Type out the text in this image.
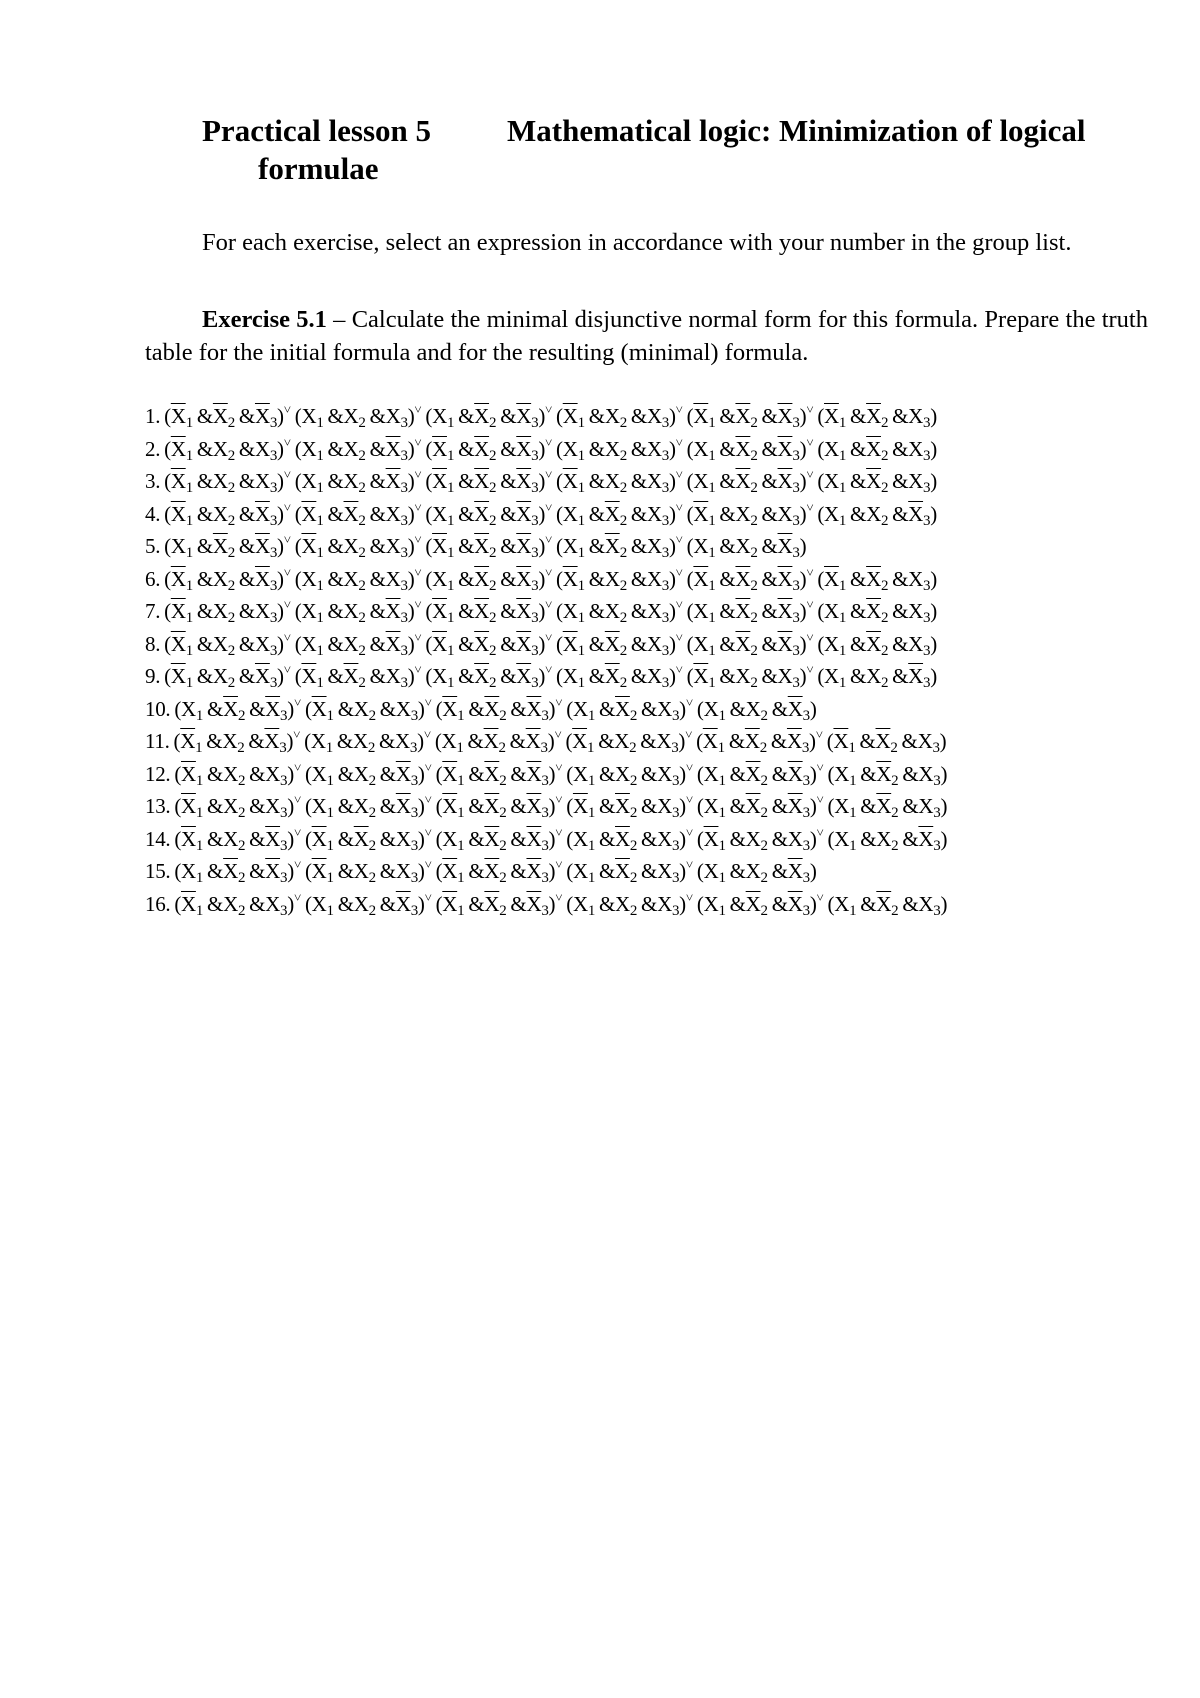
Practical lesson 5 Mathematical logic: Minimization of logical
formulae

For each exercise, select an expression in accordance with your number in the group list.

Exercise 5.1 – Calculate the minimal disjunctive normal form for this formula. Prepare the truth table for the initial formula and for the resulting (minimal) formula.

1. ($\overline{X}_1$ $\&\overline{X}_2$ $\&\overline{X}_3)^˅$ ($X_1$ $\&X_2$ $\&X_3)^˅$ ($X_1$ $\&\overline{X}_2$ $\&\overline{X}_3)^˅$ ($\overline{X}_1$ $\&X_2$ $\&X_3)^˅$ ($\overline{X}_1$ $\&\overline{X}_2$ $\&\overline{X}_3)^˅$ ($\overline{X}_1$ $\&\overline{X}_2$ $\&X_3$)
2. ($\overline{X}_1$ $\&X_2$ $\&X_3)^˅$ ($X_1$ $\&X_2$ $\&\overline{X}_3)^˅$ ($\overline{X}_1$ $\&\overline{X}_2$ $\&\overline{X}_3)^˅$ ($X_1$ $\&X_2$ $\&X_3)^˅$ ($X_1$ $\&\overline{X}_2$ $\&\overline{X}_3)^˅$ ($X_1$ $\&\overline{X}_2$ $\&X_3$)
3. ($\overline{X}_1$ $\&X_2$ $\&X_3)^˅$ ($X_1$ $\&X_2$ $\&\overline{X}_3)^˅$ ($\overline{X}_1$ $\&\overline{X}_2$ $\&\overline{X}_3)^˅$ ($\overline{X}_1$ $\&X_2$ $\&X_3)^˅$ ($X_1$ $\&\overline{X}_2$ $\&\overline{X}_3)^˅$ ($X_1$ $\&\overline{X}_2$ $\&X_3$)
4. ($\overline{X}_1$ $\&X_2$ $\&\overline{X}_3)^˅$ ($\overline{X}_1$ $\&\overline{X}_2$ $\&X_3)^˅$ ($X_1$ $\&\overline{X}_2$ $\&\overline{X}_3)^˅$ ($X_1$ $\&\overline{X}_2$ $\&X_3)^˅$ ($\overline{X}_1$ $\&X_2$ $\&X_3)^˅$ ($X_1$ $\&X_2$ $\&\overline{X}_3$)
5. ($X_1$ $\&\overline{X}_2$ $\&\overline{X}_3)^˅$ ($\overline{X}_1$ $\&X_2$ $\&X_3)^˅$ ($\overline{X}_1$ $\&\overline{X}_2$ $\&\overline{X}_3)^˅$ ($X_1$ $\&\overline{X}_2$ $\&X_3)^˅$ ($X_1$ $\&X_2$ $\&\overline{X}_3$)
6. ($\overline{X}_1$ $\&X_2$ $\&\overline{X}_3)^˅$ ($X_1$ $\&X_2$ $\&X_3)^˅$ ($X_1$ $\&\overline{X}_2$ $\&\overline{X}_3)^˅$ ($\overline{X}_1$ $\&X_2$ $\&X_3)^˅$ ($\overline{X}_1$ $\&\overline{X}_2$ $\&\overline{X}_3)^˅$ ($\overline{X}_1$ $\&\overline{X}_2$ $\&X_3$)
7. ($\overline{X}_1$ $\&X_2$ $\&X_3)^˅$ ($X_1$ $\&X_2$ $\&\overline{X}_3)^˅$ ($\overline{X}_1$ $\&\overline{X}_2$ $\&\overline{X}_3)^˅$ ($X_1$ $\&X_2$ $\&X_3)^˅$ ($X_1$ $\&\overline{X}_2$ $\&\overline{X}_3)^˅$ ($X_1$ $\&\overline{X}_2$ $\&X_3$)
8. ($\overline{X}_1$ $\&X_2$ $\&X_3)^˅$ ($X_1$ $\&X_2$ $\&\overline{X}_3)^˅$ ($\overline{X}_1$ $\&\overline{X}_2$ $\&\overline{X}_3)^˅$ ($\overline{X}_1$ $\&\overline{X}_2$ $\&X_3)^˅$ ($X_1$ $\&\overline{X}_2$ $\&\overline{X}_3)^˅$ ($X_1$ $\&\overline{X}_2$ $\&X_3$)
9. ($\overline{X}_1$ $\&X_2$ $\&\overline{X}_3)^˅$ ($\overline{X}_1$ $\&\overline{X}_2$ $\&X_3)^˅$ ($X_1$ $\&\overline{X}_2$ $\&\overline{X}_3)^˅$ ($X_1$ $\&\overline{X}_2$ $\&X_3)^˅$ ($\overline{X}_1$ $\&X_2$ $\&X_3)^˅$ ($X_1$ $\&X_2$ $\&\overline{X}_3$)
10. ($X_1$ $\&\overline{X}_2$ $\&\overline{X}_3)^˅$ ($\overline{X}_1$ $\&X_2$ $\&X_3)^˅$ ($\overline{X}_1$ $\&\overline{X}_2$ $\&\overline{X}_3)^˅$ ($X_1$ $\&\overline{X}_2$ $\&X_3)^˅$ ($X_1$ $\&X_2$ $\&\overline{X}_3$)
11. ($\overline{X}_1$ $\&X_2$ $\&\overline{X}_3)^˅$ ($X_1$ $\&X_2$ $\&X_3)^˅$ ($X_1$ $\&\overline{X}_2$ $\&\overline{X}_3)^˅$ ($\overline{X}_1$ $\&X_2$ $\&X_3)^˅$ ($\overline{X}_1$ $\&\overline{X}_2$ $\&\overline{X}_3)^˅$ ($\overline{X}_1$ $\&\overline{X}_2$ $\&X_3$)
12. ($\overline{X}_1$ $\&X_2$ $\&X_3)^˅$ ($X_1$ $\&X_2$ $\&\overline{X}_3)^˅$ ($\overline{X}_1$ $\&\overline{X}_2$ $\&\overline{X}_3)^˅$ ($X_1$ $\&X_2$ $\&X_3)^˅$ ($X_1$ $\&\overline{X}_2$ $\&\overline{X}_3)^˅$ ($X_1$ $\&\overline{X}_2$ $\&X_3$)
13. ($\overline{X}_1$ $\&X_2$ $\&X_3)^˅$ ($X_1$ $\&X_2$ $\&\overline{X}_3)^˅$ ($\overline{X}_1$ $\&\overline{X}_2$ $\&\overline{X}_3)^˅$ ($\overline{X}_1$ $\&\overline{X}_2$ $\&X_3)^˅$ ($X_1$ $\&\overline{X}_2$ $\&\overline{X}_3)^˅$ ($X_1$ $\&\overline{X}_2$ $\&X_3$)
14. ($\overline{X}_1$ $\&X_2$ $\&\overline{X}_3)^˅$ ($\overline{X}_1$ $\&\overline{X}_2$ $\&X_3)^˅$ ($X_1$ $\&\overline{X}_2$ $\&\overline{X}_3)^˅$ ($X_1$ $\&\overline{X}_2$ $\&X_3)^˅$ ($\overline{X}_1$ $\&X_2$ $\&X_3)^˅$ ($X_1$ $\&X_2$ $\&\overline{X}_3$)
15. ($X_1$ $\&\overline{X}_2$ $\&\overline{X}_3)^˅$ ($\overline{X}_1$ $\&X_2$ $\&X_3)^˅$ ($\overline{X}_1$ $\&\overline{X}_2$ $\&\overline{X}_3)^˅$ ($X_1$ $\&\overline{X}_2$ $\&X_3)^˅$ ($X_1$ $\&X_2$ $\&\overline{X}_3$)
16. ($\overline{X}_1$ $\&X_2$ $\&X_3)^˅$ ($X_1$ $\&X_2$ $\&\overline{X}_3)^˅$ ($\overline{X}_1$ $\&\overline{X}_2$ $\&\overline{X}_3)^˅$ ($X_1$ $\&X_2$ $\&X_3)^˅$ ($X_1$ $\&\overline{X}_2$ $\&\overline{X}_3)^˅$ ($X_1$ $\&\overline{X}_2$ $\&X_3$)
